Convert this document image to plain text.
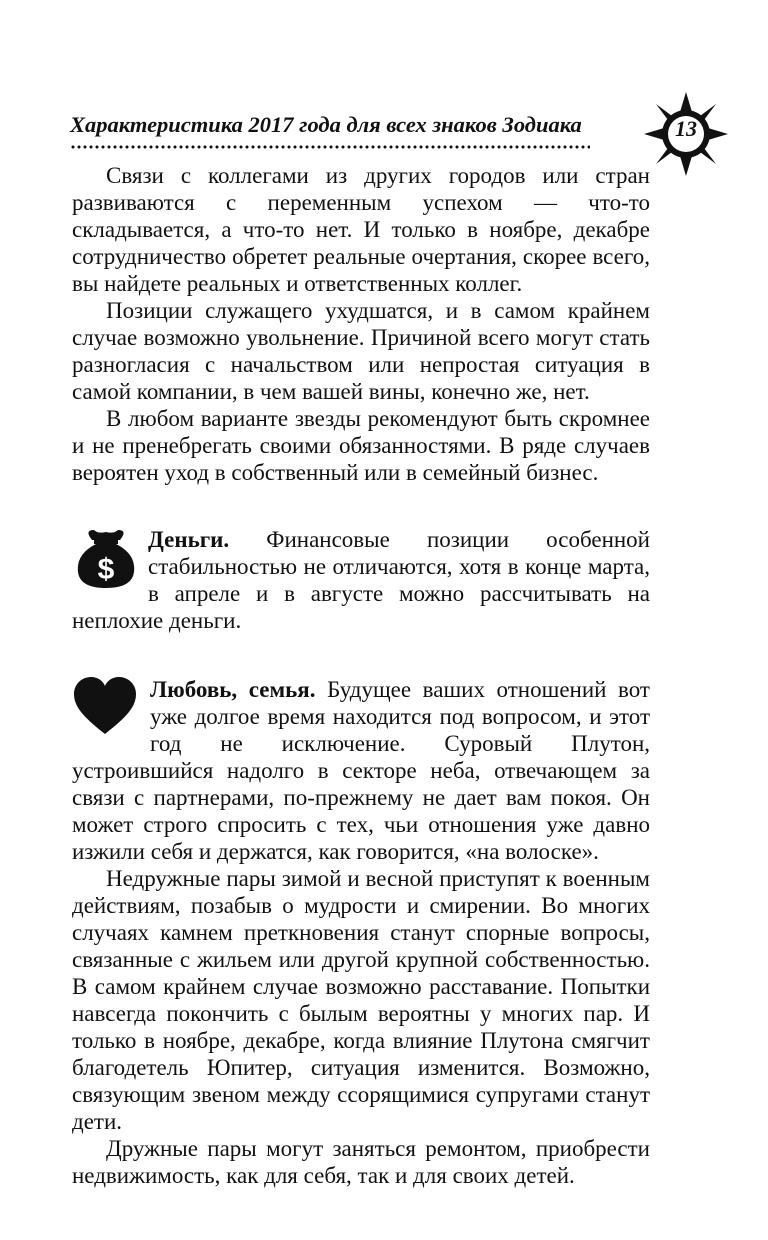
Характеристика 2017 года для всех знаков Зодиака	13

Связи с коллегами из других городов или стран развиваются с переменным успехом — что-то складывается, а что-то нет. И только в ноябре, декабре сотрудничество обретет реальные очертания, скорее всего, вы найдете реальных и ответственных коллег.

Позиции служащего ухудшатся, и в самом крайнем случае возможно увольнение. Причиной всего могут стать разногласия с начальством или непростая ситуация в самой компании, в чем вашей вины, конечно же, нет.

В любом варианте звезды рекомендуют быть скромнее и не пренебрегать своими обязанностями. В ряде случаев вероятен уход в собственный или в семейный бизнес.

$

Деньги. Финансовые позиции особенной стабильностью не отличаются, хотя в конце марта, в апреле и в августе можно рассчитывать на неплохие деньги.

Любовь, семья. Будущее ваших отношений вот уже долгое время находится под вопросом, и этот год не исключение. Суровый Плутон, устроившийся надолго в секторе неба, отвечающем за связи с партнерами, по-прежнему не дает вам покоя. Он может строго спросить с тех, чьи отношения уже давно изжили себя и держатся, как говорится, «на волоске».

Недружные пары зимой и весной приступят к военным действиям, позабыв о мудрости и смирении. Во многих случаях камнем преткновения станут спорные вопросы, связанные с жильем или другой крупной собственностью. В самом крайнем случае возможно расставание. Попытки навсегда покончить с былым вероятны у многих пар. И только в ноябре, декабре, когда влияние Плутона смягчит благодетель Юпитер, ситуация изменится. Возможно, связующим звеном между ссорящимися супругами станут дети.

Дружные пары могут заняться ремонтом, приобрести недвижимость, как для себя, так и для своих детей.
